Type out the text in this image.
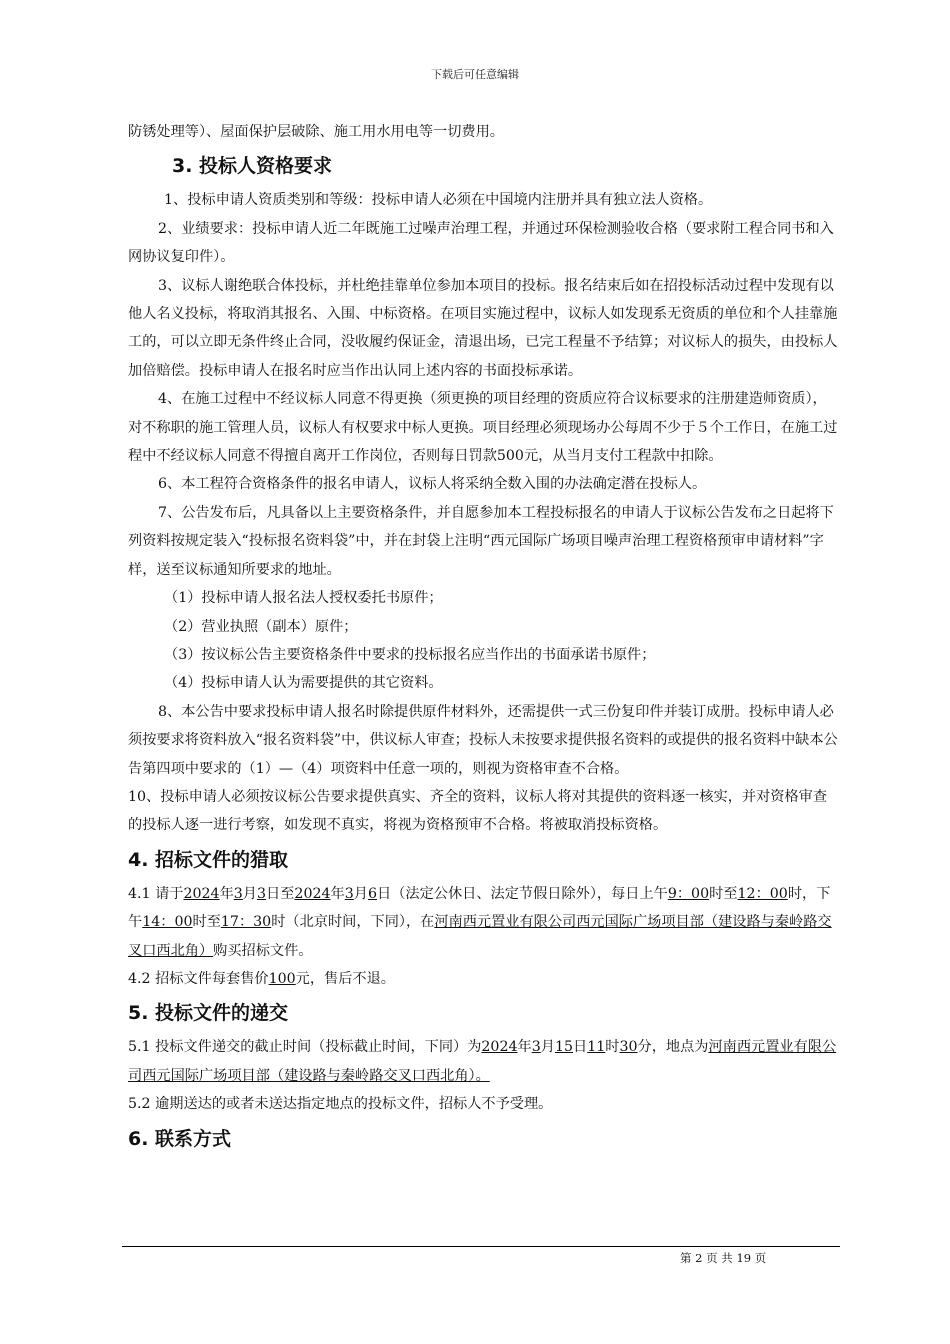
下载后可任意编辑

防锈处理等）、屋面保护层破除、施工用水用电等一切费用。

3. 投标人资格要求

1、投标申请人资质类别和等级：投标申请人必须在中国境内注册并具有独立法人资格。

2、业绩要求：投标申请人近二年既施工过噪声治理工程，并通过环保检测验收合格（要求附工程合同书和入网协议复印件）。

3、议标人谢绝联合体投标，并杜绝挂靠单位参加本项目的投标。报名结束后如在招投标活动过程中发现有以他人名义投标，将取消其报名、入围、中标资格。在项目实施过程中，议标人如发现系无资质的单位和个人挂靠施工的，可以立即无条件终止合同，没收履约保证金，清退出场，已完工程量不予结算；对议标人的损失，由投标人加倍赔偿。投标申请人在报名时应当作出认同上述内容的书面投标承诺。

4、在施工过程中不经议标人同意不得更换（须更换的项目经理的资质应符合议标要求的注册建造师资质），对不称职的施工管理人员，议标人有权要求中标人更换。项目经理必须现场办公每周不少于５个工作日，在施工过程中不经议标人同意不得擅自离开工作岗位，否则每日罚款500元，从当月支付工程款中扣除。

6、本工程符合资格条件的报名申请人，议标人将采纳全数入围的办法确定潜在投标人。

7、公告发布后，凡具备以上主要资格条件，并自愿参加本工程投标报名的申请人于议标公告发布之日起将下列资料按规定装入“投标报名资料袋”中，并在封袋上注明“西元国际广场项目噪声治理工程资格预审申请材料”字样，送至议标通知所要求的地址。

（1）投标申请人报名法人授权委托书原件；

（2）营业执照（副本）原件；

（3）按议标公告主要资格条件中要求的投标报名应当作出的书面承诺书原件；

（4）投标申请人认为需要提供的其它资料。

8、本公告中要求投标申请人报名时除提供原件材料外，还需提供一式三份复印件并装订成册。投标申请人必须按要求将资料放入“报名资料袋”中，供议标人审查；投标人未按要求提供报名资料的或提供的报名资料中缺本公告第四项中要求的（1）—（4）项资料中任意一项的，则视为资格审查不合格。

10、投标申请人必须按议标公告要求提供真实、齐全的资料，议标人将对其提供的资料逐一核实，并对资格审查的投标人逐一进行考察，如发现不真实，将视为资格预审不合格。将被取消投标资格。

4. 招标文件的猎取

4.1 请于2024年3月3日至2024年3月6日（法定公休日、法定节假日除外），每日上午9：00时至12：00时，下午14：00时至17：30时（北京时间，下同），在河南西元置业有限公司西元国际广场项目部（建设路与秦岭路交叉口西北角）购买招标文件。

4.2 招标文件每套售价100元，售后不退。

5. 投标文件的递交

5.1 投标文件递交的截止时间（投标截止时间，下同）为2024年3月15日11时30分，地点为河南西元置业有限公司西元国际广场项目部（建设路与秦岭路交叉口西北角）。

5.2 逾期送达的或者未送达指定地点的投标文件，招标人不予受理。

6. 联系方式
第 2 页 共 19 页
